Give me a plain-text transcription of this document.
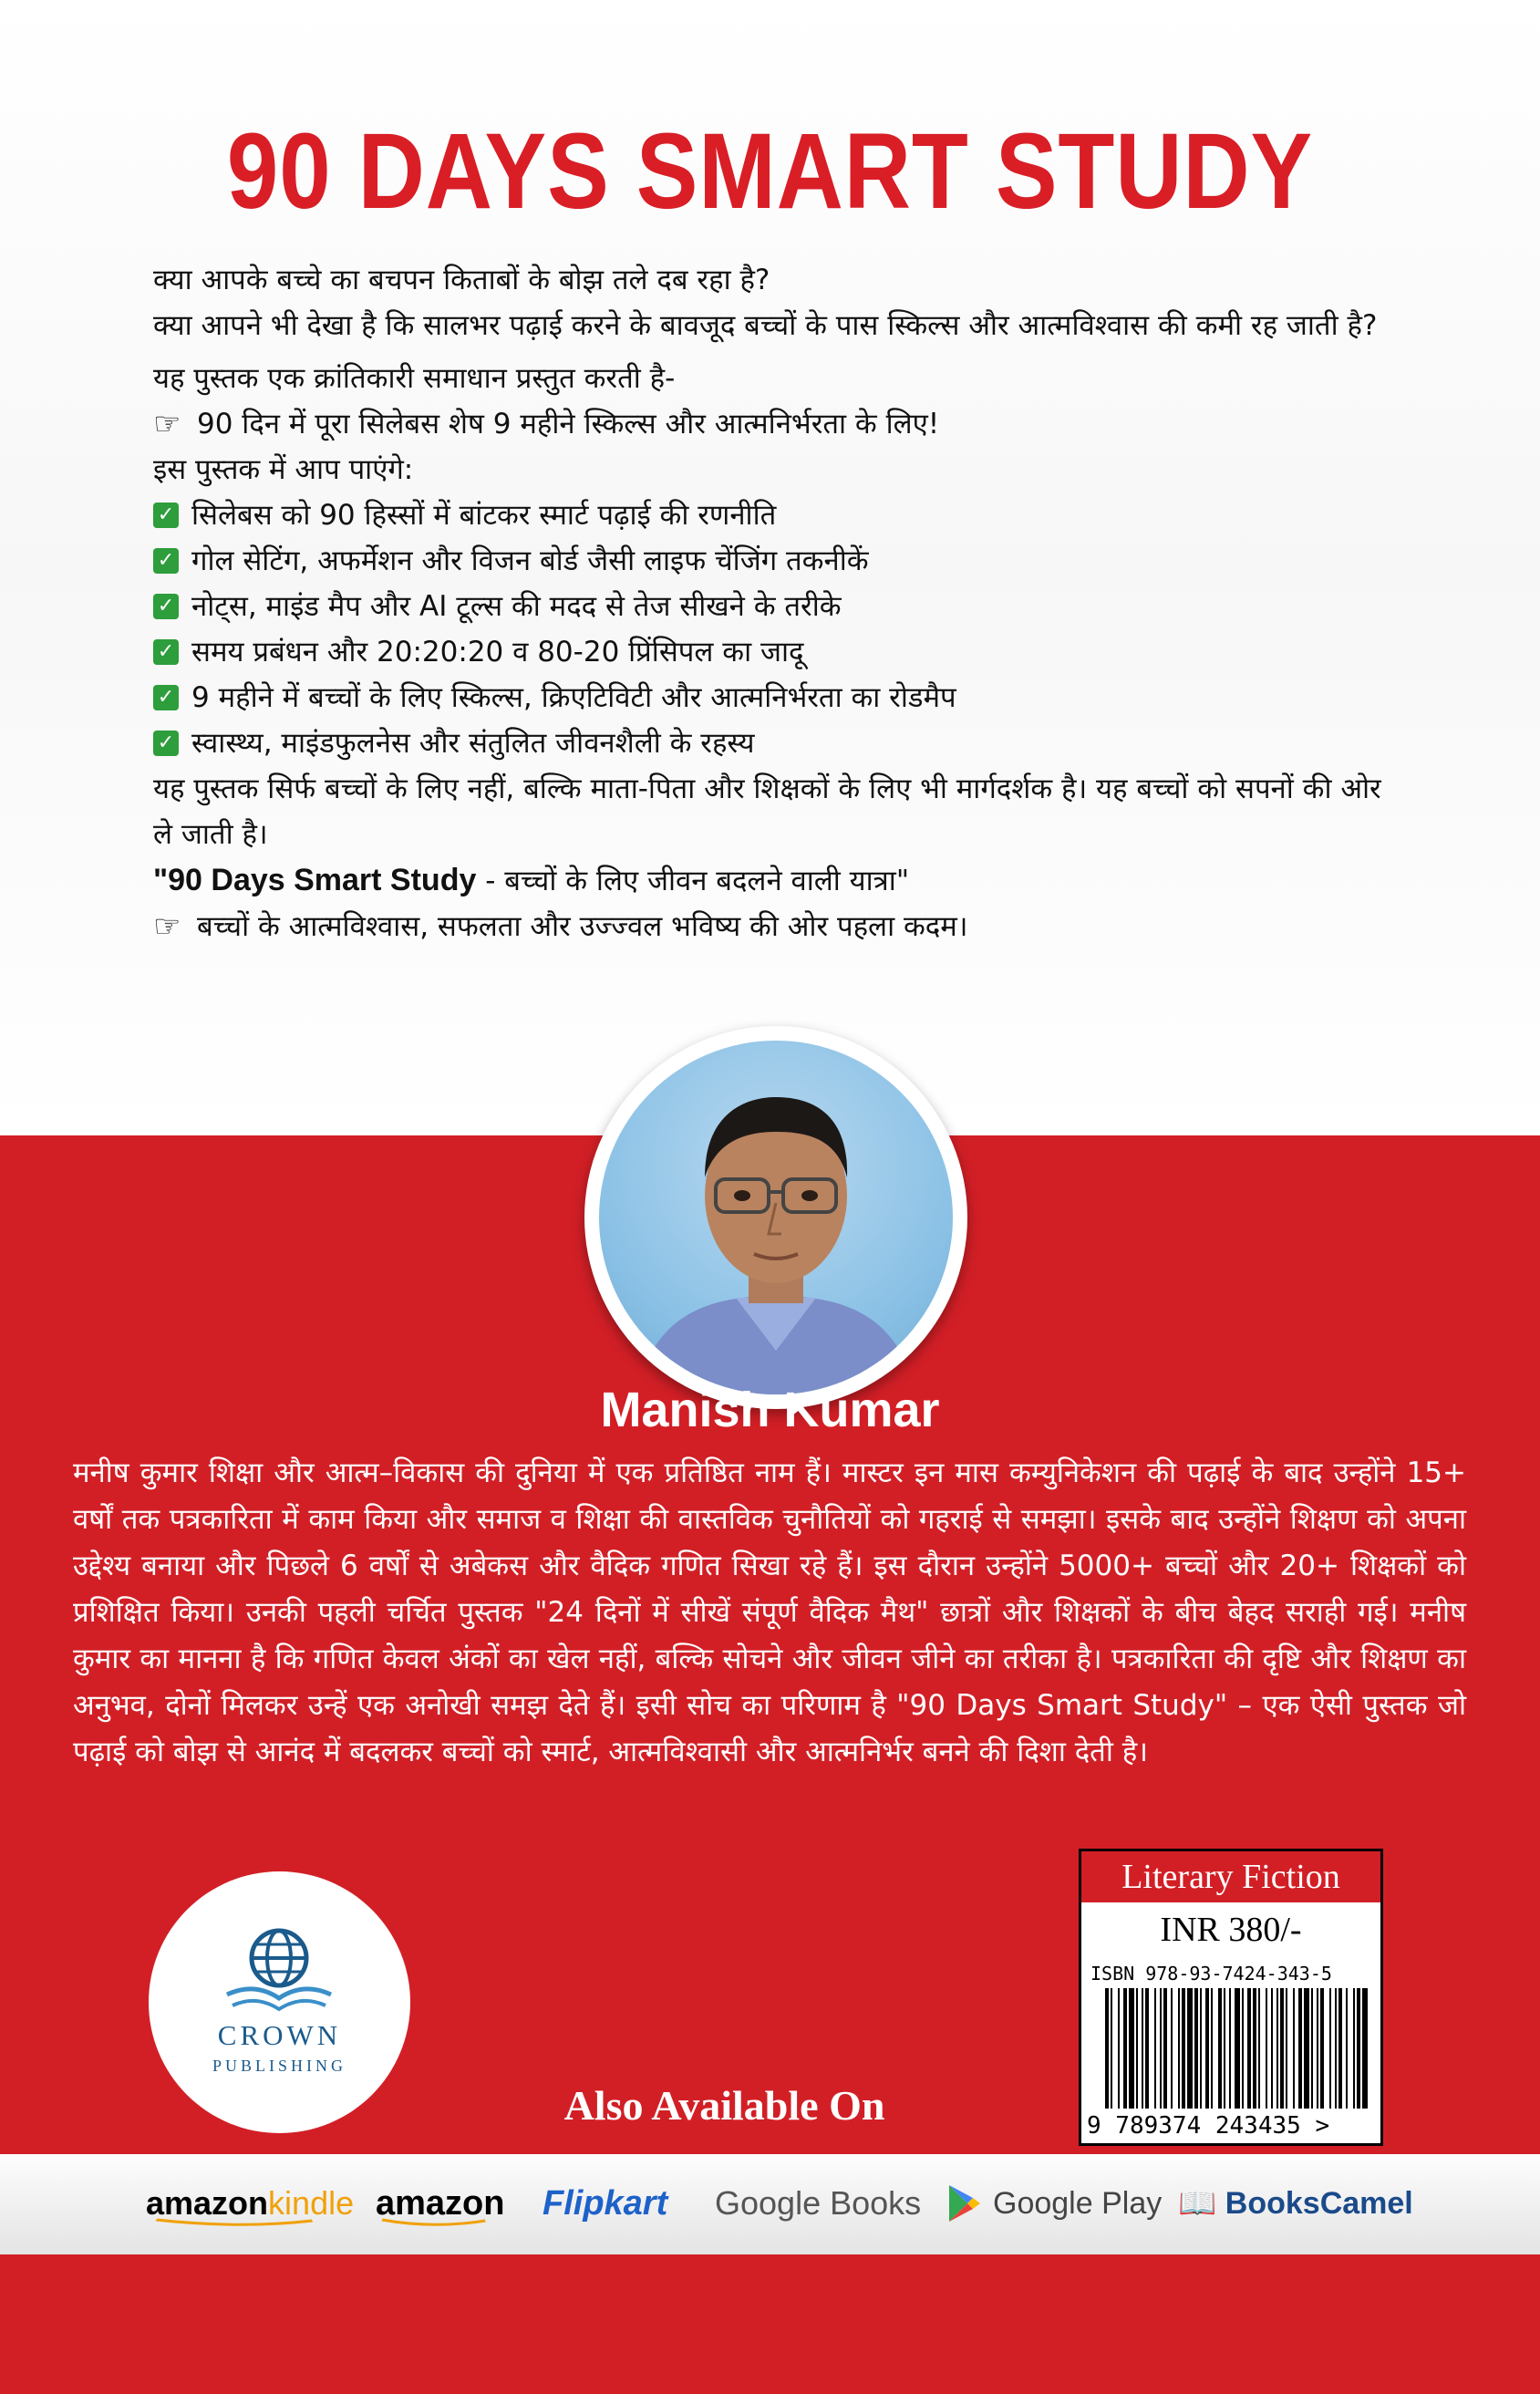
90 DAYS SMART STUDY

क्या आपके बच्चे का बचपन किताबों के बोझ तले दब रहा है?

क्या आपने भी देखा है कि सालभर पढ़ाई करने के बावजूद बच्चों के पास स्किल्स और आत्मविश्वास की कमी रह जाती है?

यह पुस्तक एक क्रांतिकारी समाधान प्रस्तुत करती है-

☞ 90 दिन में पूरा सिलेबस शेष 9 महीने स्किल्स और आत्मनिर्भरता के लिए!

इस पुस्तक में आप पाएंगे:

✓ सिलेबस को 90 हिस्सों में बांटकर स्मार्ट पढ़ाई की रणनीति

✓ गोल सेटिंग, अफर्मेशन और विजन बोर्ड जैसी लाइफ चेंजिंग तकनीकें

✓ नोट्स, माइंड मैप और AI टूल्स की मदद से तेज सीखने के तरीके

✓ समय प्रबंधन और 20:20:20 व 80-20 प्रिंसिपल का जादू

✓ 9 महीने में बच्चों के लिए स्किल्स, क्रिएटिविटी और आत्मनिर्भरता का रोडमैप

✓ स्वास्थ्य, माइंडफुलनेस और संतुलित जीवनशैली के रहस्य

यह पुस्तक सिर्फ बच्चों के लिए नहीं, बल्कि माता-पिता और शिक्षकों के लिए भी मार्गदर्शक है। यह बच्चों को सपनों की ओर ले जाती है।

"90 Days Smart Study - बच्चों के लिए जीवन बदलने वाली यात्रा"

☞ बच्चों के आत्मविश्वास, सफलता और उज्ज्वल भविष्य की ओर पहला कदम।

Manish Kumar
मनीष कुमार शिक्षा और आत्म–विकास की दुनिया में एक प्रतिष्ठित नाम हैं। मास्टर इन मास कम्युनिकेशन की पढ़ाई के बाद उन्होंने 15+ वर्षों तक पत्रकारिता में काम किया और समाज व शिक्षा की वास्तविक चुनौतियों को गहराई से समझा। इसके बाद उन्होंने शिक्षण को अपना उद्देश्य बनाया और पिछले 6 वर्षों से अबेकस और वैदिक गणित सिखा रहे हैं। इस दौरान उन्होंने 5000+ बच्चों और 20+ शिक्षकों को प्रशिक्षित किया। उनकी पहली चर्चित पुस्तक "24 दिनों में सीखें संपूर्ण वैदिक मैथ" छात्रों और शिक्षकों के बीच बेहद सराही गई। मनीष कुमार का मानना है कि गणित केवल अंकों का खेल नहीं, बल्कि सोचने और जीवन जीने का तरीका है। पत्रकारिता की दृष्टि और शिक्षण का अनुभव, दोनों मिलकर उन्हें एक अनोखी समझ देते हैं। इसी सोच का परिणाम है "90 Days Smart Study" – एक ऐसी पुस्तक जो पढ़ाई को बोझ से आनंद में बदलकर बच्चों को स्मार्ट, आत्मविश्वासी और आत्मनिर्भर बनने की दिशा देती है।
CROWN
PUBLISHING
Also Available On
Literary Fiction
INR 380/-
ISBN 978-93-7424-343-5
9 789374 243435 >
amazonkindle amazon Flipkart Google Books Google Play 📖 BooksCamel
